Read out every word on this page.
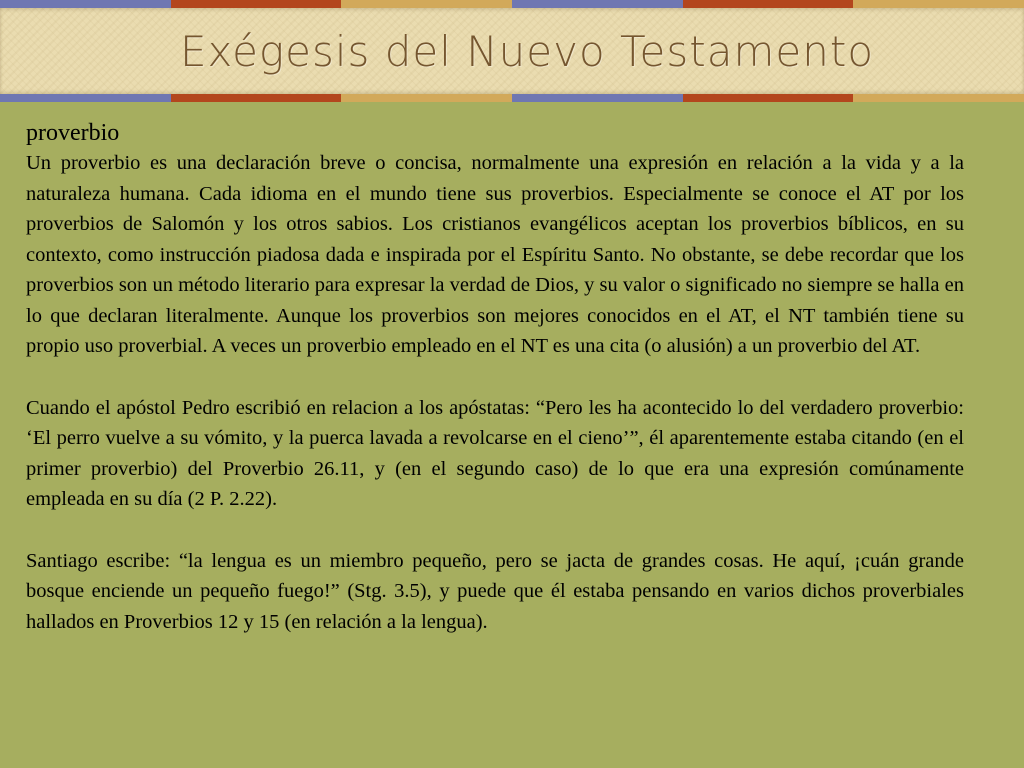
Exégesis del Nuevo Testamento

proverbio

Un proverbio es una declaración breve o concisa, normalmente una expresión en relación a la vida y a la naturaleza humana. Cada idioma en el mundo tiene sus proverbios. Especialmente se conoce el AT por los proverbios de Salomón y los otros sabios. Los cristianos evangélicos aceptan los proverbios bíblicos, en su contexto, como instrucción piadosa dada e inspirada por el Espíritu Santo. No obstante, se debe recordar que los proverbios son un método literario para expresar la verdad de Dios, y su valor o significado no siempre se halla en lo que declaran literalmente. Aunque los proverbios son mejores conocidos en el AT, el NT también tiene su propio uso proverbial. A veces un proverbio empleado en el NT es una cita (o alusión) a un proverbio del AT.

Cuando el apóstol Pedro escribió en relacion a los apóstatas: “Pero les ha acontecido lo del verdadero proverbio: ‘El perro vuelve a su vómito, y la puerca lavada a revolcarse en el cieno’”, él aparentemente estaba citando (en el primer proverbio) del Proverbio 26.11, y (en el segundo caso) de lo que era una expresión comúnamente empleada en su día (2 P. 2.22).

Santiago escribe: “la lengua es un miembro pequeño, pero se jacta de grandes cosas. He aquí, ¡cuán grande bosque enciende un pequeño fuego!” (Stg. 3.5), y puede que él estaba pensando en varios dichos proverbiales hallados en Proverbios 12 y 15 (en relación a la lengua).
